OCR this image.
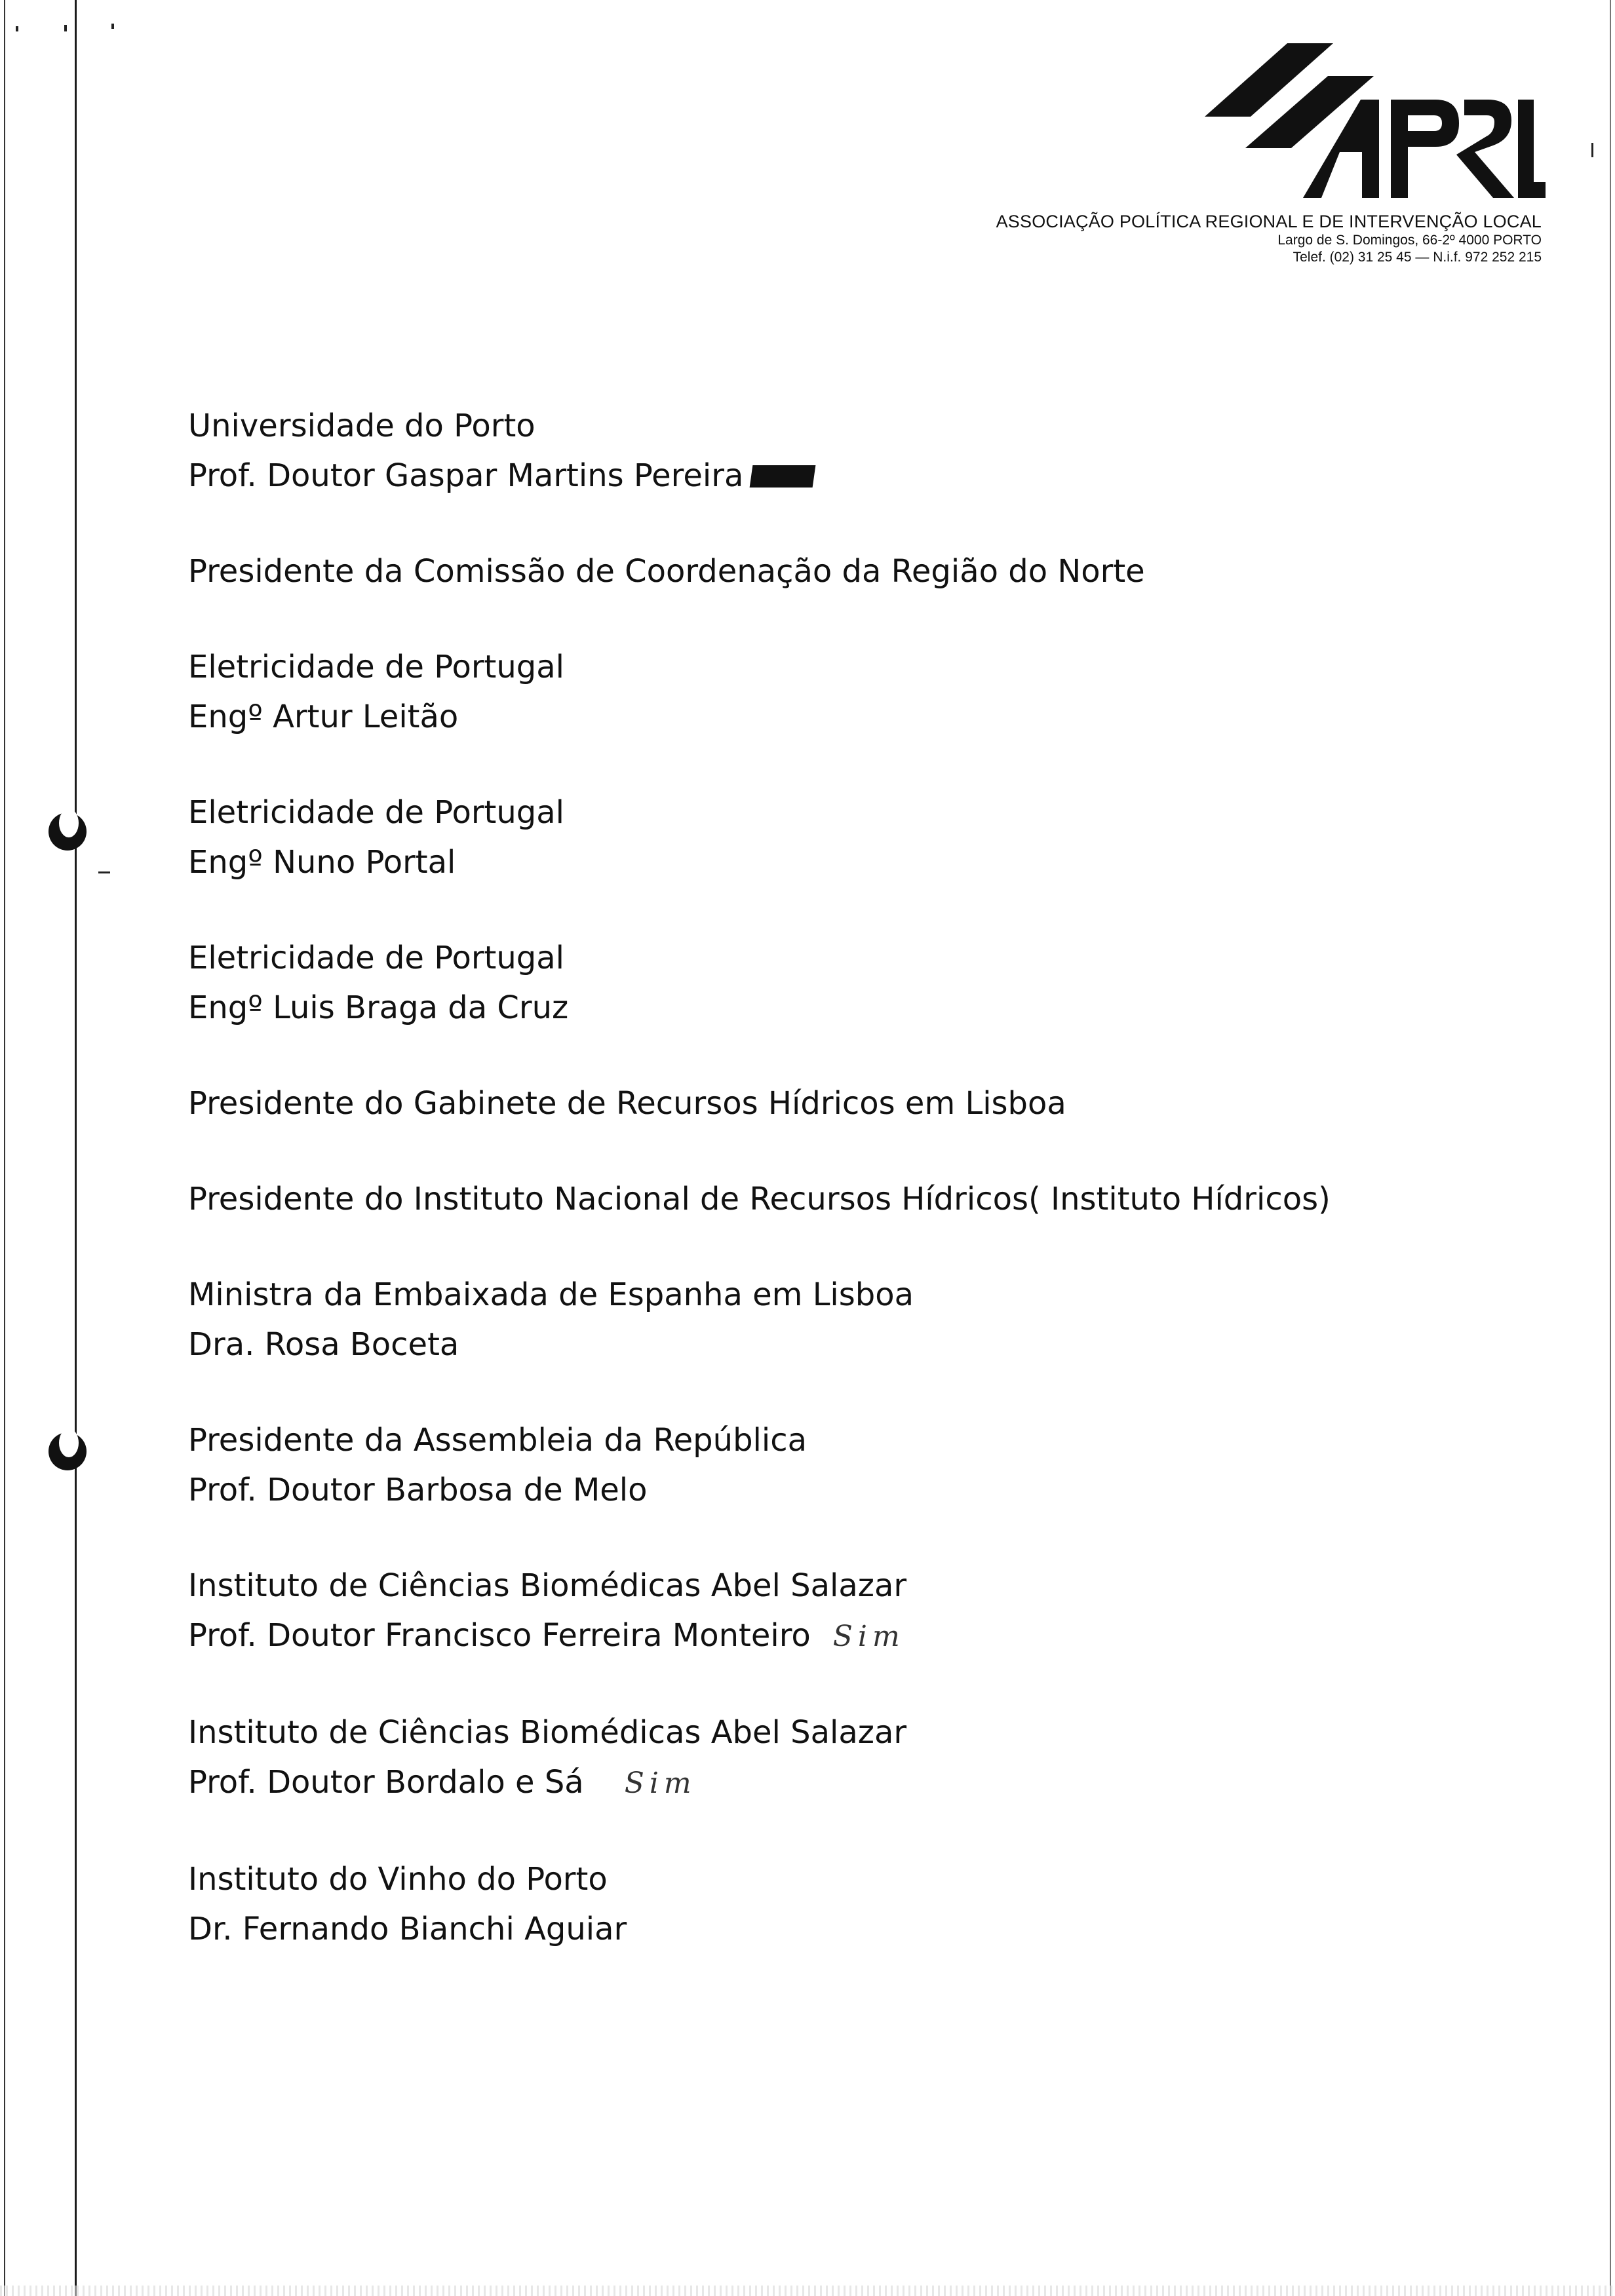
APRIL
ASSOCIAÇÃO POLÍTICA REGIONAL E DE INTERVENÇÃO LOCAL
Largo de S. Domingos, 66-2º 4000 PORTO
Telef. (02) 31 25 45 — N.i.f. 972 252 215
Universidade do Porto
Prof. Doutor Gaspar Martins Pereira
Presidente da Comissão de Coordenação da Região do Norte
Eletricidade de Portugal
Engº Artur Leitão
Eletricidade de Portugal
Engº Nuno Portal
Eletricidade de Portugal
Engº Luis Braga da Cruz
Presidente do Gabinete de Recursos Hídricos em Lisboa
Presidente do Instituto Nacional de Recursos Hídricos( Instituto Hídricos)
Ministra da Embaixada de Espanha em Lisboa
Dra. Rosa Boceta
Presidente da Assembleia da República
Prof. Doutor Barbosa de Melo
Instituto de Ciências Biomédicas Abel Salazar
Prof. Doutor Francisco Ferreira Monteiro Sim
Instituto de Ciências Biomédicas Abel Salazar
Prof. Doutor Bordalo e Sá Sim
Instituto do Vinho do Porto
Dr. Fernando Bianchi Aguiar
